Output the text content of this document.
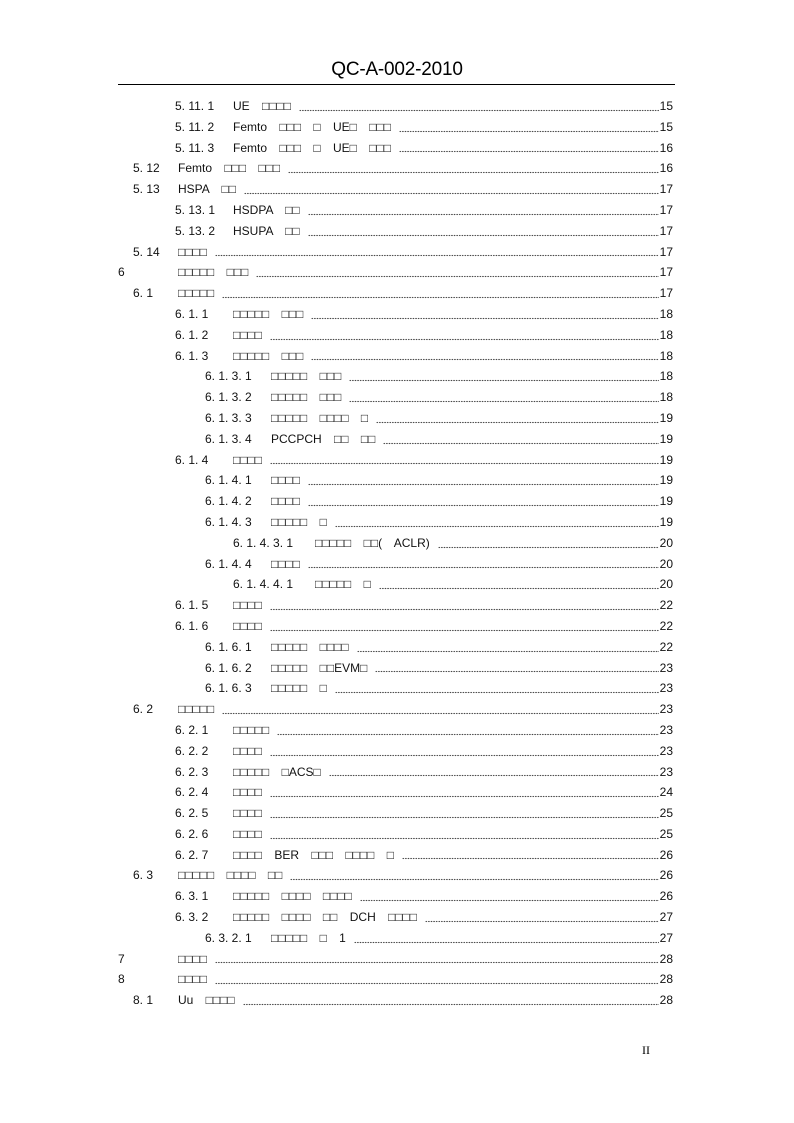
QC-A-002-2010
5. 11. 1	UE □□□□	15
5. 11. 2	Femto □□□ □ UE□ □□□	15
5. 11. 3	Femto □□□ □ UE□ □□□	16
5. 12	Femto □□□ □□□	16
5. 13	HSPA □□	17
5. 13. 1	HSDPA □□	17
5. 13. 2	HSUPA □□	17
5. 14	□□□□	17
6	□□□□□ □□□	17
6. 1	□□□□□	17
6. 1. 1	□□□□□ □□□	18
6. 1. 2	□□□□	18
6. 1. 3	□□□□□ □□□	18
6. 1. 3. 1	□□□□□ □□□	18
6. 1. 3. 2	□□□□□ □□□	18
6. 1. 3. 3	□□□□□ □□□□ □	19
6. 1. 3. 4	PCCPCH □□ □□	19
6. 1. 4	□□□□	19
6. 1. 4. 1	□□□□	19
6. 1. 4. 2	□□□□	19
6. 1. 4. 3	□□□□□ □	19
6. 1. 4. 3. 1	□□□□□ □□( ACLR)	20
6. 1. 4. 4	□□□□	20
6. 1. 4. 4. 1	□□□□□ □	20
6. 1. 5	□□□□	22
6. 1. 6	□□□□	22
6. 1. 6. 1	□□□□□ □□□□	22
6. 1. 6. 2	□□□□□ □□EVM□	23
6. 1. 6. 3	□□□□□ □	23
6. 2	□□□□□	23
6. 2. 1	□□□□□	23
6. 2. 2	□□□□	23
6. 2. 3	□□□□□ □ACS□	23
6. 2. 4	□□□□	24
6. 2. 5	□□□□	25
6. 2. 6	□□□□	25
6. 2. 7	□□□□ BER □□□ □□□□ □	26
6. 3	□□□□□ □□□□ □□	26
6. 3. 1	□□□□□ □□□□ □□□□	26
6. 3. 2	□□□□□ □□□□ □□ DCH □□□□	27
6. 3. 2. 1	□□□□□ □ 1	27
7	□□□□	28
8	□□□□	28
8. 1	Uu □□□□	28
II
